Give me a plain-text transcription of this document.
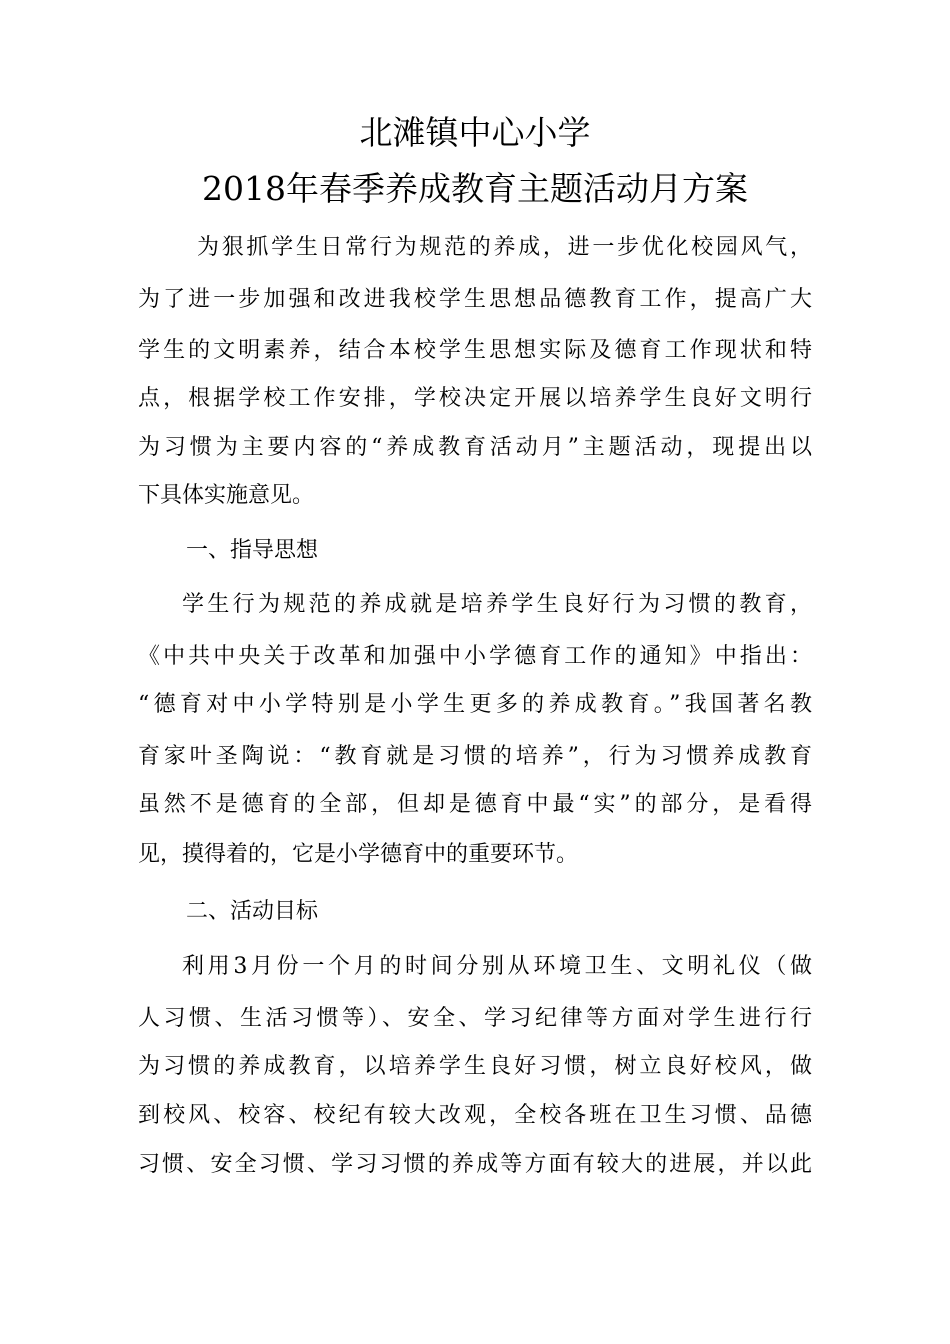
北滩镇中心小学
2018年春季养成教育主题活动月方案
为狠抓学生日常行为规范的养成，进一步优化校园风气，
为了进一步加强和改进我校学生思想品德教育工作，提高广大
学生的文明素养，结合本校学生思想实际及德育工作现状和特
点，根据学校工作安排，学校决定开展以培养学生良好文明行
为习惯为主要内容的“养成教育活动月”主题活动，现提出以
下具体实施意见。
一、指导思想
学生行为规范的养成就是培养学生良好行为习惯的教育，
《中共中央关于改革和加强中小学德育工作的通知》中指出：
“德育对中小学特别是小学生更多的养成教育。”我国著名教
育家叶圣陶说：“教育就是习惯的培养”，行为习惯养成教育
虽然不是德育的全部，但却是德育中最“实”的部分，是看得
见，摸得着的，它是小学德育中的重要环节。
二、活动目标
利用3月份一个月的时间分别从环境卫生、文明礼仪（做
人习惯、生活习惯等）、安全、学习纪律等方面对学生进行行
为习惯的养成教育，以培养学生良好习惯，树立良好校风，做
到校风、校容、校纪有较大改观，全校各班在卫生习惯、品德
习惯、安全习惯、学习习惯的养成等方面有较大的进展，并以此
